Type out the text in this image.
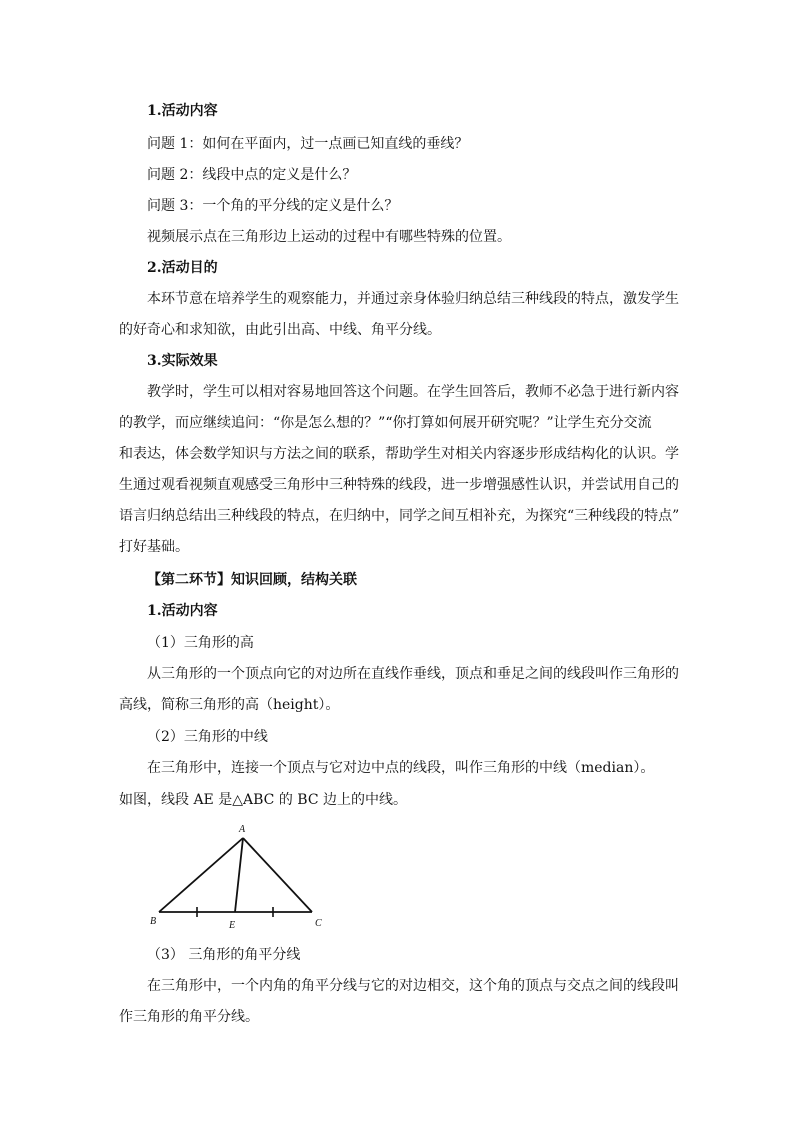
1.活动内容
问题 1：如何在平面内，过一点画已知直线的垂线？
问题 2：线段中点的定义是什么？
问题 3：一个角的平分线的定义是什么？
视频展示点在三角形边上运动的过程中有哪些特殊的位置。
2.活动目的
本环节意在培养学生的观察能力，并通过亲身体验归纳总结三种线段的特点，激发学生
的好奇心和求知欲，由此引出高、中线、角平分线。
3.实际效果
教学时，学生可以相对容易地回答这个问题。在学生回答后，教师不必急于进行新内容
的教学，而应继续追问：“你是怎么想的？”“你打算如何展开研究呢？”让学生充分交流
和表达，体会数学知识与方法之间的联系，帮助学生对相关内容逐步形成结构化的认识。学
生通过观看视频直观感受三角形中三种特殊的线段，进一步增强感性认识，并尝试用自己的
语言归纳总结出三种线段的特点，在归纳中，同学之间互相补充，为探究“三种线段的特点”
打好基础。
【第二环节】知识回顾，结构关联
1.活动内容
（1）三角形的高
从三角形的一个顶点向它的对边所在直线作垂线，顶点和垂足之间的线段叫作三角形的
高线，简称三角形的高（height）。
（2）三角形的中线
在三角形中，连接一个顶点与它对边中点的线段，叫作三角形的中线（median）。
如图，线段 AE 是△ABC 的 BC 边上的中线。
A
B	C
E
（3） 三角形的角平分线
在三角形中，一个内角的角平分线与它的对边相交，这个角的顶点与交点之间的线段叫
作三角形的角平分线。
